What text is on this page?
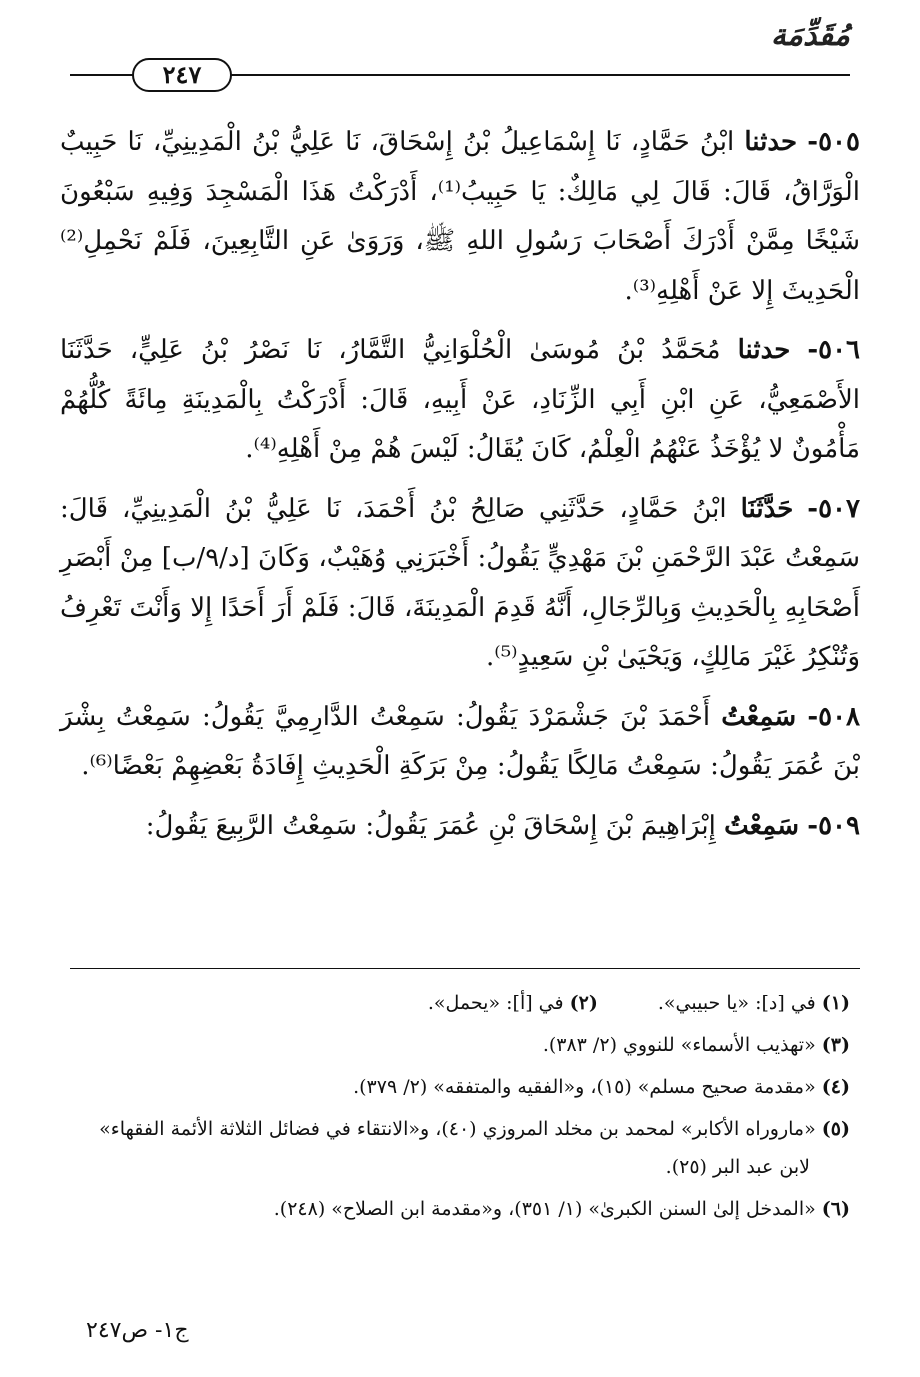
مُقَدِّمَة
٢٤٧

٥٠٥- حدثنا ابْنُ حَمَّادٍ، نَا إِسْمَاعِيلُ بْنُ إِسْحَاقَ، نَا عَلِيُّ بْنُ الْمَدِينِيِّ، نَا حَبِيبٌ الْوَرَّاقُ، قَالَ: قَالَ لِي مَالِكٌ: يَا حَبِيبُ⁽¹⁾، أَدْرَكْتُ هَذَا الْمَسْجِدَ وَفِيهِ سَبْعُونَ شَيْخًا مِمَّنْ أَدْرَكَ أَصْحَابَ رَسُولِ اللهِ ﷺ، وَرَوَىٰ عَنِ التَّابِعِينَ، فَلَمْ نَحْمِلِ⁽²⁾ الْحَدِيثَ إِلا عَنْ أَهْلِهِ⁽³⁾.

٥٠٦- حدثنا مُحَمَّدُ بْنُ مُوسَىٰ الْحُلْوَانِيُّ التَّمَّارُ، نَا نَصْرُ بْنُ عَلِيٍّ، حَدَّثَنَا الأَصْمَعِيُّ، عَنِ ابْنِ أَبِي الزِّنَادِ، عَنْ أَبِيهِ، قَالَ: أَدْرَكْتُ بِالْمَدِينَةِ مِائَةً كُلُّهُمْ مَأْمُونٌ لا يُؤْخَذُ عَنْهُمُ الْعِلْمُ، كَانَ يُقَالُ: لَيْسَ هُمْ مِنْ أَهْلِهِ⁽⁴⁾.

٥٠٧- حَدَّثَنَا ابْنُ حَمَّادٍ، حَدَّثَنِي صَالِحُ بْنُ أَحْمَدَ، نَا عَلِيُّ بْنُ الْمَدِينِيِّ، قَالَ: سَمِعْتُ عَبْدَ الرَّحْمَنِ بْنَ مَهْدِيٍّ يَقُولُ: أَخْبَرَنِي وُهَيْبٌ، وَكَانَ [د/٩/ب] مِنْ أَبْصَرِ أَصْحَابِهِ بِالْحَدِيثِ وَبِالرِّجَالِ، أَنَّهُ قَدِمَ الْمَدِينَةَ، قَالَ: فَلَمْ أَرَ أَحَدًا إِلا وَأَنْتَ تَعْرِفُ وَتُنْكِرُ غَيْرَ مَالِكٍ، وَيَحْيَىٰ بْنِ سَعِيدٍ⁽⁵⁾.

٥٠٨- سَمِعْتُ أَحْمَدَ بْنَ جَشْمَرْدَ يَقُولُ: سَمِعْتُ الدَّارِمِيَّ يَقُولُ: سَمِعْتُ بِشْرَ بْنَ عُمَرَ يَقُولُ: سَمِعْتُ مَالِكًا يَقُولُ: مِنْ بَرَكَةِ الْحَدِيثِ إِفَادَةُ بَعْضِهِمْ بَعْضًا⁽⁶⁾.

٥٠٩- سَمِعْتُ إِبْرَاهِيمَ بْنَ إِسْحَاقَ بْنِ عُمَرَ يَقُولُ: سَمِعْتُ الرَّبِيعَ يَقُولُ:

(١) في [د]: «يا حبيبي».
(٢) في [أ]: «يحمل».
(٣) «تهذيب الأسماء» للنووي (٢/ ٣٨٣).
(٤) «مقدمة صحيح مسلم» (١٥)، و«الفقيه والمتفقه» (٢/ ٣٧٩).
(٥) «ماروراه الأكابر» لمحمد بن مخلد المروزي (٤٠)، و«الانتقاء في فضائل الثلاثة الأئمة الفقهاء»
لابن عبد البر (٢٥).
(٦) «المدخل إلىٰ السنن الكبرىٰ» (١/ ٣٥١)، و«مقدمة ابن الصلاح» (٢٤٨).
ج١- ص٢٤٧
